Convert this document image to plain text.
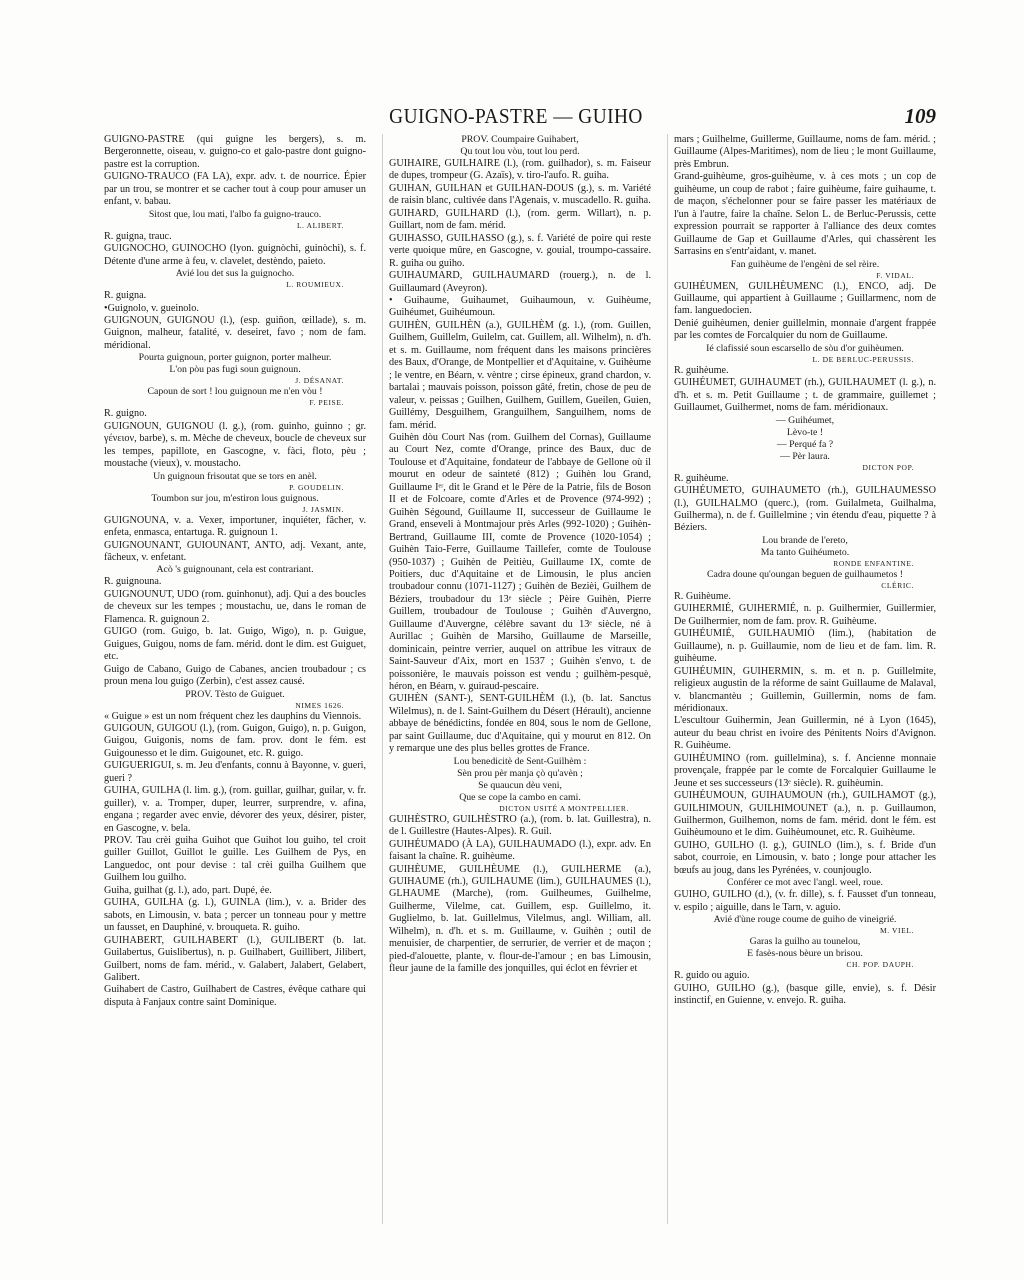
GUIGNO-PASTRE — GUIHO	109

GUIGNO-PASTRE (qui guigne les bergers), s. m. Bergeronnette, oiseau, v. guigno-co et galo-pastre dont guigno-pastre est la corruption.

GUIGNO-TRAUCO (FA LA), expr. adv. t. de nourrice. Épier par un trou, se montrer et se cacher tout à coup pour amuser un enfant, v. babau.

Sitost que, lou mati, l'albo fa guigno-trauco.

L. ALIBERT.

R. guigna, trauc.

GUIGNOCHO, GUINOCHO (lyon. guignòchi, guinòchi), s. f. Détente d'une arme à feu, v. clavelet, destèndo, paieto.

Avié lou det sus la guignocho.

L. ROUMIEUX.

R. guigna.

•Guignolo, v. gueinolo.

GUIGNOUN, GUIGNOU (l.), (esp. guiñon, œillade), s. m. Guignon, malheur, fatalité, v. deseiret, favo ; nom de fam. méridional.

Pourta guignoun, porter guignon, porter malheur.

L'on pòu pas fugi soun guignoun.

J. DÉSANAT.

Capoun de sort ! lou guignoun me n'en vòu !

F. PEISE.

R. guigno.

GUIGNOUN, GUIGNOU (l. g.), (rom. guinho, guinno ; gr. γένειον, barbe), s. m. Mèche de cheveux, boucle de cheveux sur les tempes, papillote, en Gascogne, v. fàci, floto, pèu ; moustache (vieux), v. moustacho.

Un guignoun frisoutat que se tors en anèl.

P. GOUDELIN.

Toumbon sur jou, m'estiron lous guignous.

J. JASMIN.

GUIGNOUNA, v. a. Vexer, importuner, inquiéter, fâcher, v. enfeta, enmasca, entartuga. R. guignoun 1.

GUIGNOUNANT, GUIOUNANT, ANTO, adj. Vexant, ante, fâcheux, v. enfetant.

Acò 's guignounant, cela est contrariant.

R. guignouna.

GUIGNOUNUT, UDO (rom. guinhonut), adj. Qui a des boucles de cheveux sur les tempes ; moustachu, ue, dans le roman de Flamenca. R. guignoun 2.

GUIGO (rom. Guigo, b. lat. Guigo, Wigo), n. p. Guigue, Guigues, Guigou, noms de fam. mérid. dont le dim. est Guiguet, etc.

Guigo de Cabano, Guigo de Cabanes, ancien troubadour ; cs proun mena lou guigo (Zerbin), c'est assez causé.

PROV. Tèsto de Guiguet.

NIMES 1626.

« Guigue » est un nom fréquent chez les dauphins du Viennois.

GUIGOUN, GUIGOU (l.), (rom. Guigon, Guigo), n. p. Guigon, Guigou, Guigonis, noms de fam. prov. dont le fém. est Guigounesso et le dim. Guigounet, etc. R. guigo.

GUIGUERIGUI, s. m. Jeu d'enfants, connu à Bayonne, v. gueri, gueri ?

GUIHA, GUILHA (l. lim. g.), (rom. guillar, guilhar, guilar, v. fr. guiller), v. a. Tromper, duper, leurrer, surprendre, v. afina, engana ; regarder avec envie, dévorer des yeux, désirer, pister, en Gascogne, v. bela.

PROV. Tau crèi guiha Guihot que Guihot lou guiho, tel croit guiller Guillot, Guillot le guille. Les Guilhem de Pys, en Languedoc, ont pour devise : tal crèi guilha Guilhem que Guilhem lou guilho.

Guiha, guilhat (g. l.), ado, part. Dupé, ée.

GUIHA, GUILHA (g. l.), GUINLA (lim.), v. a. Brider des sabots, en Limousin, v. bata ; percer un tonneau pour y mettre un fausset, en Dauphiné, v. brouqueta. R. guiho.

GUIHABERT, GUILHABERT (l.), GUILIBERT (b. lat. Guilabertus, Guislibertus), n. p. Guilhabert, Guillibert, Jilibert, Guilbert, noms de fam. mérid., v. Galabert, Jalabert, Gelabert, Galibert.

Guihabert de Castro, Guilhabert de Castres, évêque cathare qui disputa à Fanjaux contre saint Dominique.

PROV. Coumpaire Guihabert,

Qu tout lou vòu, tout lou perd.

GUIHAIRE, GUILHAIRE (l.), (rom. guilhador), s. m. Faiseur de dupes, trompeur (G. Azaïs), v. tiro-l'aufo. R. guiha.

GUIHAN, GUILHAN et GUILHAN-DOUS (g.), s. m. Variété de raisin blanc, cultivée dans l'Agenais, v. muscadello. R. guiha.

GUIHARD, GUILHARD (l.), (rom. germ. Willart), n. p. Guillart, nom de fam. mérid.

GUIHASSO, GUILHASSO (g.), s. f. Variété de poire qui reste verte quoique mûre, en Gascogne, v. gouial, troumpo-cassaire. R. guiha ou guiho.

GUIHAUMARD, GUILHAUMARD (rouerg.), n. de l. Guillaumard (Aveyron).

• Guihaume, Guihaumet, Guihaumoun, v. Guihèume, Guihéumet, Guihéumoun.

GUIHÈN, GUILHÈN (a.), GUILHÈM (g. l.), (rom. Guillen, Guilhem, Guillelm, Guilelm, cat. Guillem, all. Wilhelm), n. d'h. et s. m. Guillaume, nom fréquent dans les maisons princières des Baux, d'Orange, de Montpellier et d'Aquitaine, v. Guihèume ; le ventre, en Béarn, v. vèntre ; cirse épineux, grand chardon, v. bartalai ; mauvais poisson, poisson gâté, fretin, chose de peu de valeur, v. peissas ; Guilhen, Guilhem, Guillem, Gueilen, Guien, Guillémy, Desguilhem, Granguilhem, Sanguilhem, noms de fam. mérid.

Guihèn dòu Court Nas (rom. Guilhem del Cornas), Guillaume au Court Nez, comte d'Orange, prince des Baux, duc de Toulouse et d'Aquitaine, fondateur de l'abbaye de Gellone où il mourut en odeur de sainteté (812) ; Guihèn lou Grand, Guillaume Iᵉʳ, dit le Grand et le Père de la Patrie, fils de Boson II et de Folcoare, comte d'Arles et de Provence (974-992) ; Guihèn Ségound, Guillaume II, successeur de Guillaume le Grand, enseveli à Montmajour près Arles (992-1020) ; Guihèn-Bertrand, Guillaume III, comte de Provence (1020-1054) ; Guihèn Taio-Ferre, Guillaume Taillefer, comte de Toulouse (950-1037) ; Guihèn de Peitièu, Guillaume IX, comte de Poitiers, duc d'Aquitaine et de Limousin, le plus ancien troubadour connu (1071-1127) ; Guihèn de Bezièi, Guilhem de Béziers, troubadour du 13ᵉ siècle ; Pèire Guihèn, Pierre Guillem, troubadour de Toulouse ; Guihèn d'Auvergno, Guillaume d'Auvergne, célèbre savant du 13ᵉ siècle, né à Aurillac ; Guihèn de Marsiho, Guillaume de Marseille, dominicain, peintre verrier, auquel on attribue les vitraux de Saint-Sauveur d'Aix, mort en 1537 ; Guihèn s'envo, t. de poissonière, le mauvais poisson est vendu ; guilhèm-pesquè, héron, en Béarn, v. guiraud-pescaire.

GUIHÈN (SANT-), SENT-GUILHÈM (l.), (b. lat. Sanctus Wilelmus), n. de l. Saint-Guilhem du Désert (Hérault), ancienne abbaye de bénédictins, fondée en 804, sous le nom de Gellone, par saint Guillaume, duc d'Aquitaine, qui y mourut en 812. On y remarque une des plus belles grottes de France.

Lou benedicitè de Sent-Guilhèm :

Sèn prou pèr manja çò qu'avèn ;

Se quaucun dèu veni,

Que se cope la cambo en cami.

DICTON USITÉ A MONTPELLIER.

GUIHÈSTRO, GUILHÈSTRO (a.), (rom. b. lat. Guillestra), n. de l. Guillestre (Hautes-Alpes). R. Guil.

GUIHÉUMADO (À LA), GUILHAUMADO (l.), expr. adv. En faisant la chaîne. R. guihèume.

GUIHÈUME, GUILHÈUME (l.), GUILHERME (a.), GUIHAUME (rh.), GUILHAUME (lim.), GUILHAUMES (l.), GLHAUME (Marche), (rom. Guilheumes, Guilhelme, Guilherme, Vilelme, cat. Guillem, esp. Guillelmo, it. Guglielmo, b. lat. Guillelmus, Vilelmus, angl. William, all. Wilhelm), n. d'h. et s. m. Guillaume, v. Guihèn ; outil de menuisier, de charpentier, de serrurier, de verrier et de maçon ; pied-d'alouette, plante, v. flour-de-l'amour ; en bas Limousin, fleur jaune de la famille des jonquilles, qui éclot en février et

mars ; Guilhelme, Guillerme, Guillaume, noms de fam. mérid. ; Guillaume (Alpes-Maritimes), nom de lieu ; le mont Guillaume, près Embrun.

Grand-guihèume, gros-guihèume, v. à ces mots ; un cop de guihèume, un coup de rabot ; faire guihèume, faire guihaume, t. de maçon, s'échelonner pour se faire passer les matériaux de l'un à l'autre, faire la chaîne. Selon L. de Berluc-Perussis, cette expression pourrait se rapporter à l'alliance des deux comtes Guillaume de Gap et Guillaume d'Arles, qui chassèrent les Sarrasins en s'entr'aidant, v. manet.

Fan guihèume de l'engèni de sel rèire.

F. VIDAL.

GUIHÉUMEN, GUILHÈUMENC (l.), ENCO, adj. De Guillaume, qui appartient à Guillaume ; Guillarmenc, nom de fam. languedocien.

Denié guihèumen, denier guillelmin, monnaie d'argent frappée par les comtes de Forcalquier du nom de Guillaume.

Ié clafissié soun escarsello de sòu d'or guihèumen.

L. DE BERLUC-PERUSSIS.

R. guihèume.

GUIHÉUMET, GUIHAUMET (rh.), GUILHAUMET (l. g.), n. d'h. et s. m. Petit Guillaume ; t. de grammaire, guillemet ; Guillaumet, Guilhermet, noms de fam. méridionaux.

— Guihéumet,

Lèvo-te !

— Perqué fa ?

— Pèr laura.

DICTON POP.

R. guihèume.

GUIHÉUMETO, GUIHAUMETO (rh.), GUILHAUMESSO (l.), GUILHALMO (querc.), (rom. Guilalmeta, Guilhalma, Guilherma), n. de f. Guillelmine ; vin étendu d'eau, piquette ? à Béziers.

Lou brande de l'ereto,

Ma tanto Guihéumeto.

RONDE ENFANTINE.

Cadra doune qu'oungan beguen de guilhaumetos !

CLÉRIC.

R. Guihèume.

GUIHERMIÉ, GUIHERMIÉ, n. p. Guilhermier, Guillermier, De Guilhermier, nom de fam. prov. R. Guihèume.

GUIHÉUMIÉ, GUILHAUMIÒ (lim.), (habitation de Guillaume), n. p. Guillaumie, nom de lieu et de fam. lim. R. guihèume.

GUIHÉUMIN, GUIHERMIN, s. m. et n. p. Guillelmite, religieux augustin de la réforme de saint Guillaume de Malaval, v. blancmantèu ; Guillemin, Guillermin, noms de fam. méridionaux.

L'escultour Guihermin, Jean Guillermin, né à Lyon (1645), auteur du beau christ en ivoire des Pénitents Noirs d'Avignon. R. Guihèume.

GUIHÉUMINO (rom. guillelmina), s. f. Ancienne monnaie provençale, frappée par le comte de Forcalquier Guillaume le Jeune et ses successeurs (13ᵉ siècle). R. guihèumin.

GUIHÉUMOUN, GUIHAUMOUN (rh.), GUILHAMOT (g.), GUILHIMOUN, GUILHIMOUNET (a.), n. p. Guillaumon, Guilhermon, Guilhemon, noms de fam. mérid. dont le fém. est Guihèumouno et le dim. Guihèumounet, etc. R. Guihèume.

GUIHO, GUILHO (l. g.), GUINLO (lim.), s. f. Bride d'un sabot, courroie, en Limousin, v. bato ; longe pour attacher les bœufs au joug, dans les Pyrénées, v. counjouglo.

Conférer ce mot avec l'angl. weel, roue.

GUIHO, GUILHO (d.), (v. fr. dille), s. f. Fausset d'un tonneau, v. espilo ; aiguille, dans le Tarn, v. aguio.

Avié d'ùne rouge coume de guiho de vineigrié.

M. VIEL.

Garas la guilho au tounelou,

E fasès-nous bèure un brisou.

CH. POP. DAUPH.

R. guido ou aguio.

GUIHO, GUILHO (g.), (basque gille, envie), s. f. Désir instinctif, en Guienne, v. envejo. R. guiha.
